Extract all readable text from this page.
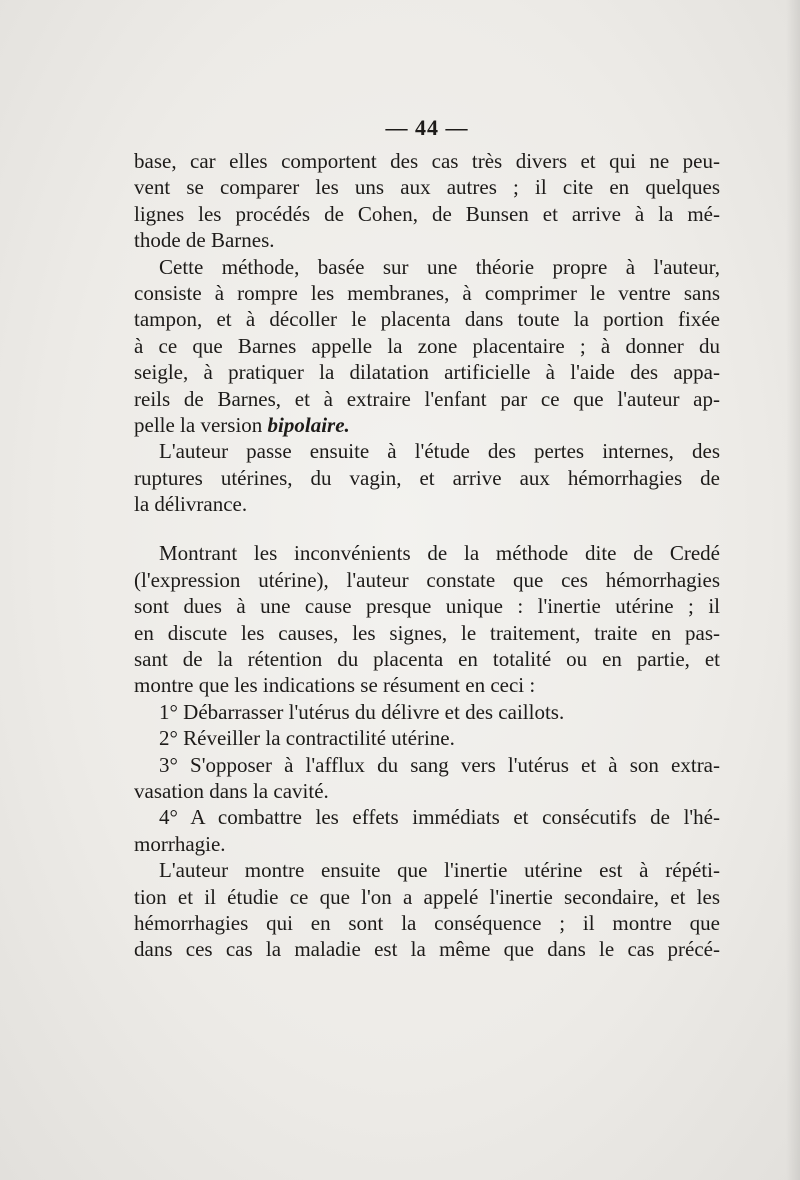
— 44 —
base, car elles comportent des cas très divers et qui ne peu-
vent se comparer les uns aux autres ; il cite en quelques
lignes les procédés de Cohen, de Bunsen et arrive à la mé-
thode de Barnes.
Cette méthode, basée sur une théorie propre à l'auteur,
consiste à rompre les membranes, à comprimer le ventre sans
tampon, et à décoller le placenta dans toute la portion fixée
à ce que Barnes appelle la zone placentaire ; à donner du
seigle, à pratiquer la dilatation artificielle à l'aide des appa-
reils de Barnes, et à extraire l'enfant par ce que l'auteur ap-
pelle la version bipolaire.
L'auteur passe ensuite à l'étude des pertes internes, des
ruptures utérines, du vagin, et arrive aux hémorrhagies de
la délivrance.
Montrant les inconvénients de la méthode dite de Credé
(l'expression utérine), l'auteur constate que ces hémorrhagies
sont dues à une cause presque unique : l'inertie utérine ; il
en discute les causes, les signes, le traitement, traite en pas-
sant de la rétention du placenta en totalité ou en partie, et
montre que les indications se résument en ceci :
1° Débarrasser l'utérus du délivre et des caillots.
2° Réveiller la contractilité utérine.
3° S'opposer à l'afflux du sang vers l'utérus et à son extra-
vasation dans la cavité.
4° A combattre les effets immédiats et consécutifs de l'hé-
morrhagie.
L'auteur montre ensuite que l'inertie utérine est à répéti-
tion et il étudie ce que l'on a appelé l'inertie secondaire, et les
hémorrhagies qui en sont la conséquence ; il montre que
dans ces cas la maladie est la même que dans le cas précé-
